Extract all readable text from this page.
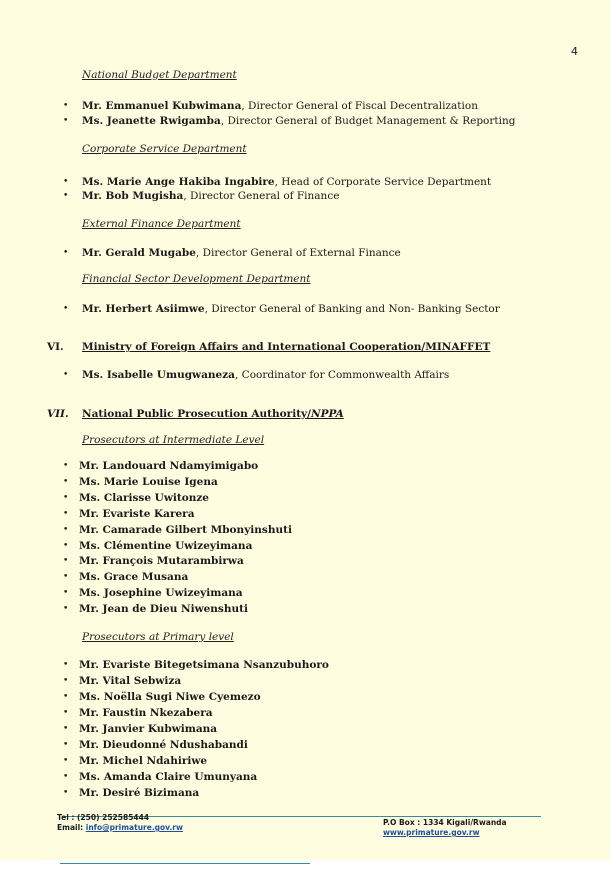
4
National Budget Department
• Mr. Emmanuel Kubwimana, Director General of Fiscal Decentralization
• Ms. Jeanette Rwigamba, Director General of Budget Management & Reporting
Corporate Service Department
• Ms. Marie Ange Hakiba Ingabire, Head of Corporate Service Department
• Mr. Bob Mugisha, Director General of Finance
External Finance Department
• Mr. Gerald Mugabe, Director General of External Finance
Financial Sector Development Department
• Mr. Herbert Asiimwe, Director General of Banking and Non- Banking Sector
VI. Ministry of Foreign Affairs and International Cooperation/MINAFFET
• Ms. Isabelle Umugwaneza, Coordinator for Commonwealth Affairs
VII. National Public Prosecution Authority/NPPA
Prosecutors at Intermediate Level
• Mr. Landouard Ndamyimigabo
• Ms. Marie Louise Igena
• Ms. Clarisse Uwitonze
• Mr. Evariste Karera
• Mr. Camarade Gilbert Mbonyinshuti
• Ms. Clémentine Uwizeyimana
• Mr. François Mutarambirwa
• Ms. Grace Musana
• Ms. Josephine Uwizeyimana
• Mr. Jean de Dieu Niwenshuti
Prosecutors at Primary level
• Mr. Evariste Bitegetsimana Nsanzubuhoro
• Mr. Vital Sebwiza
• Ms. Noëlla Sugi Niwe Cyemezo
• Mr. Faustin Nkezabera
• Mr. Janvier Kubwimana
• Mr. Dieudonné Ndushabandi
• Mr. Michel Ndahiriwe
• Ms. Amanda Claire Umunyana
• Mr. Desiré Bizimana
Tel : (250) 252585444
Email: info@primature.gov.rw
P.O Box : 1334 Kigali/Rwanda
www.primature.gov.rw
